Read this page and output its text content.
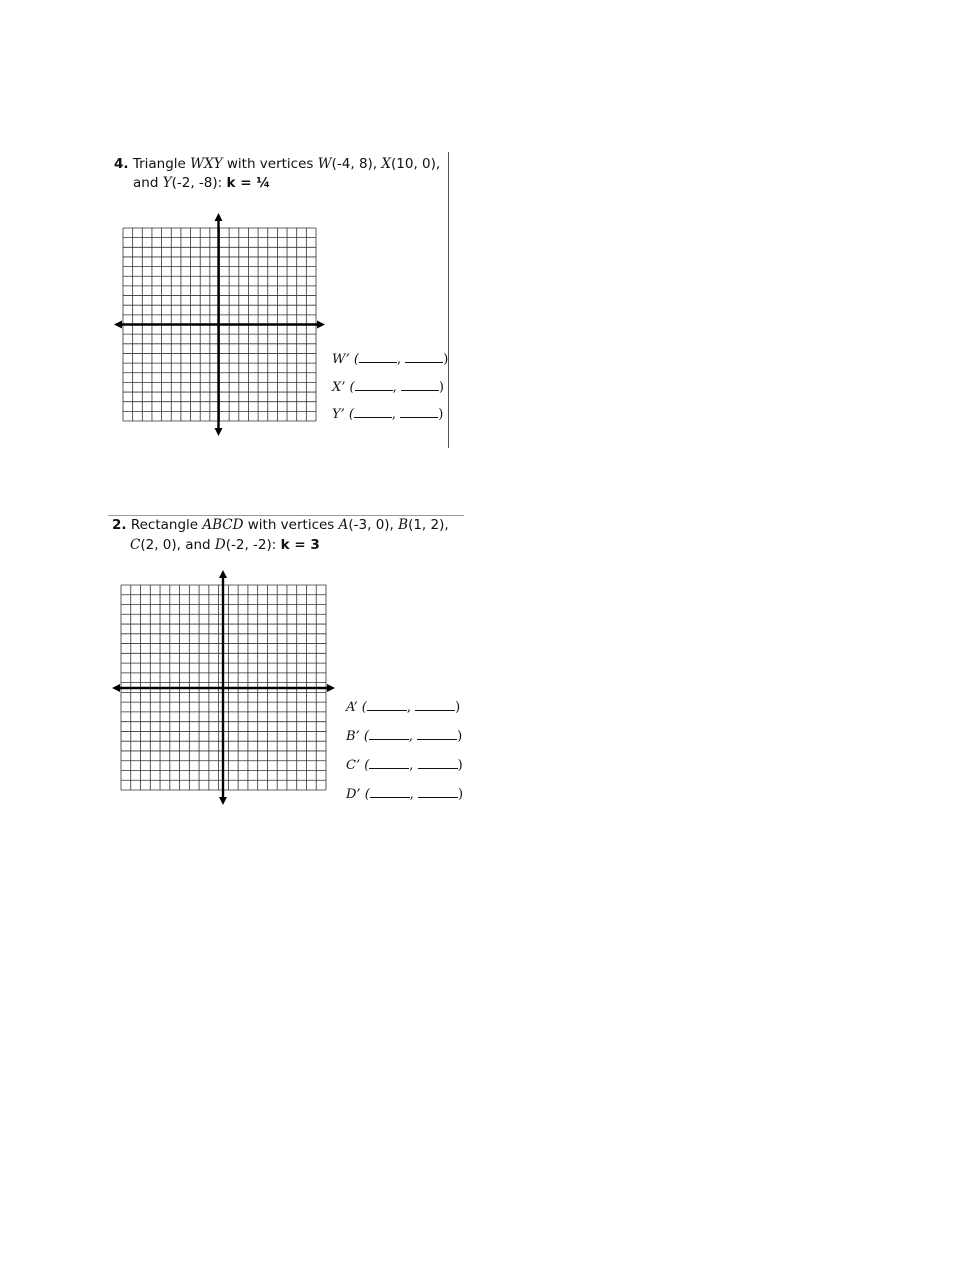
4. Triangle WXY with vertices W(-4, 8), X(10, 0),
and Y(-2, -8): k = ¼
W’ (	,	)
X’ (	,	)
Y’ (	,	)
2. Rectangle ABCD with vertices A(-3, 0), B(1, 2),
C(2, 0), and D(-2, -2): k = 3
A’ (	,	)
B’ (	,	)
C’ (	,	)
D’ (	,	)
